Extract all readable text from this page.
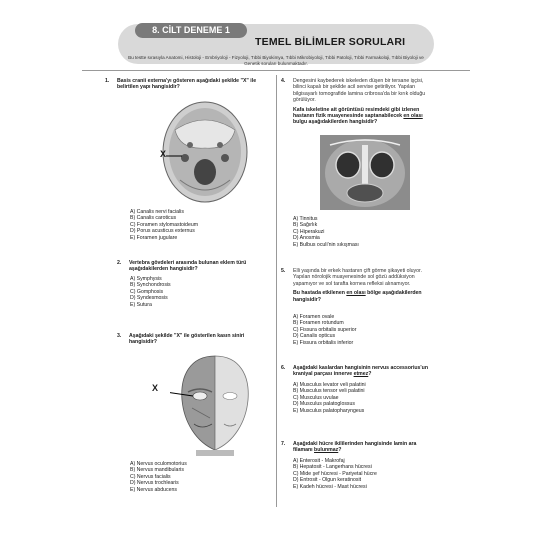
8. CİLT DENEME 1
TEMEL BİLİMLER SORULARI
Bu testte sırasıyla Anatomi, Histoloji - Embriyoloji - Fizyoloji, Tıbbi Biyokimya, Tıbbi Mikrobiyoloji, Tıbbi Patoloji, Tıbbi Farmakoloji, Tıbbi Biyoloji ve Genetik soruları bulunmaktadır.
1. Basis cranii externa'yı gösteren aşağıdaki şekilde "X" ile belirtilen yapı hangisidir?
X
A) Canalis nervi facialis
B) Canalis caroticus
C) Foramen stylomastoideum
D) Porus acusticus externus
E) Foramen jugulare
2. Vertebra gövdeleri arasında bulunan eklem türü aşağıdakilerden hangisidir?
A) Symphysis
B) Synchondrosis
C) Gomphosis
D) Syndesmosis
E) Sutura
3. Aşağıdaki şekilde "X" ile gösterilen kasın siniri hangisidir?
X
A) Nervus oculomotorius
B) Nervus mandibularis
C) Nervus facialis
D) Nervus trochlearis
E) Nervus abducens
4. Dengesini kaybederek iskeleden düşen bir tersane işçisi, bilinci kapalı bir şekilde acil servise getiriliyor. Yapılan bilgisayarlı tomografide lamina cribrosa'da bir kırık olduğu görülüyor.
Kafa iskeletine ait görüntüsü resimdeki gibi izlenen hastanın fizik muayenesinde saptanabilecek en olası bulgu aşağıdakilerden hangisidir?
A) Tinnitus
B) Sağırlık
C) Hiperakuzi
D) Anosmia
E) Bulbus oculi'nin sıkışması
5. Elli yaşında bir erkek hastanın çift görme şikayeti oluyor. Yapılan nörolojik muayenesinde sol gözü addüksiyon yapamıyor ve sol tarafta kornea refleksi alınamıyor.
Bu hastada etkilenen en olası bölge aşağıdakilerden hangisidir?
A) Foramen ovale
B) Foramen rotundum
C) Fissura orbitalis superior
D) Canalis opticus
E) Fissura orbitalis inferior
6. Aşağıdaki kaslardan hangisinin nervus accessorius'un kraniyal parçası innerve etmez?
A) Musculus levator veli palatini
B) Musculus tensor veli palatini
C) Musculus uvulae
D) Musculus palatoglossus
E) Musculus palatopharyngeus
7. Aşağıdaki hücre ikililerinden hangisinde lamin ara filamanı bulunmaz?
A) Enterosit - Makrofaj
B) Hepatosit - Langerhans hücresi
C) Mide şef hücresi - Pariyetal hücre
D) Entrosit - Olgun keratinosit
E) Kadeh hücresi - Mast hücresi
